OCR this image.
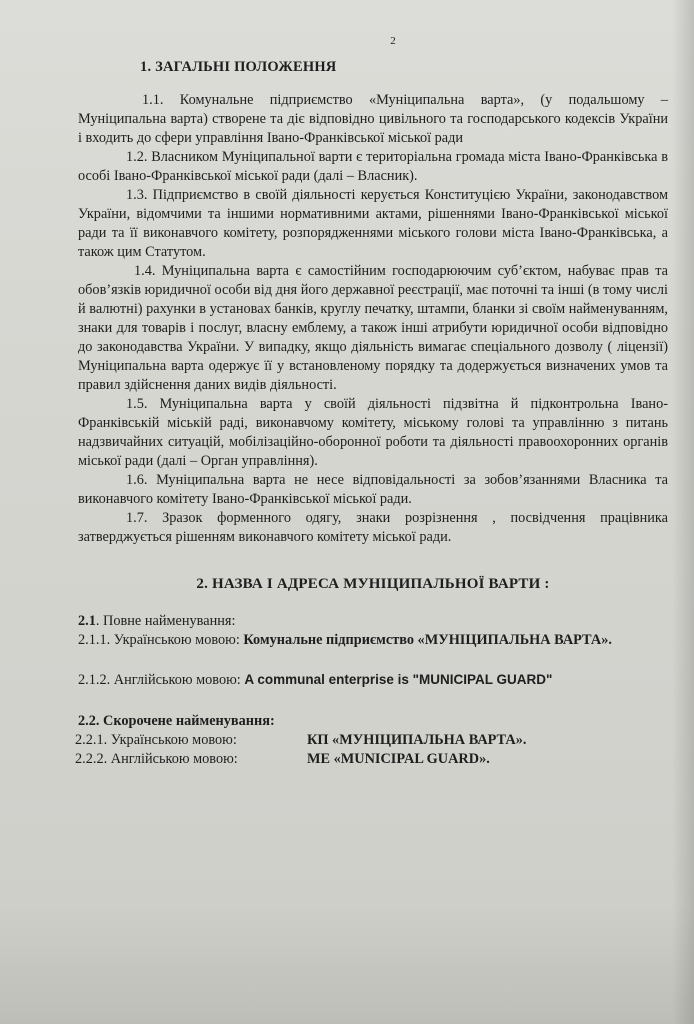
2
1. ЗАГАЛЬНІ ПОЛОЖЕННЯ

1.1. Комунальне підприємство «Муніципальна варта», (у подальшому – Муніципальна варта) створене та діє відповідно цивільного та господарського кодексів України і входить до сфери управління Івано-Франківської міської ради

1.2. Власником Муніципальної варти є територіальна громада міста Івано-Франківська в особі Івано-Франківської міської ради (далі – Власник).

1.3. Підприємство в своїй діяльності керується Конституцією України, законодавством України, відомчими та іншими нормативними актами, рішеннями Івано-Франківської міської ради та її виконавчого комітету, розпорядженнями міського голови міста Івано-Франківська, а також цим Статутом.

1.4. Муніципальна варта є самостійним господарюючим суб’єктом, набуває прав та обов’язків юридичної особи від дня його державної реєстрації, має поточні та інші (в тому числі й валютні) рахунки в установах банків, круглу печатку, штампи, бланки зі своїм найменуванням, знаки для товарів і послуг, власну емблему, а також інші атрибути юридичної особи відповідно до законодавства України. У випадку, якщо діяльність вимагає спеціального дозволу ( ліцензії) Муніципальна варта одержує її у встановленому порядку та додержується визначених умов та правил здійснення даних видів діяльності.

1.5. Муніципальна варта у своїй діяльності підзвітна й підконтрольна Івано-Франківській міській раді, виконавчому комітету, міському голові та управлінню з питань надзвичайних ситуацій, мобілізаційно-оборонної роботи та діяльності правоохоронних органів міської ради (далі – Орган управління).

1.6. Муніципальна варта не несе відповідальності за зобов’язаннями Власника та виконавчого комітету Івано-Франківської міської ради.

1.7. Зразок форменного одягу, знаки розрізнення , посвідчення працівника затверджується рішенням виконавчого комітету міської ради.

2. НАЗВА І АДРЕСА МУНІЦИПАЛЬНОЇ ВАРТИ :
2.1. Повне найменування:
2.1.1. Українською мовою: Комунальне підприємство «МУНІЦИПАЛЬНА ВАРТА».
2.1.2. Англійською мовою: A communal enterprise is "MUNICIPAL GUARD"
2.2. Скорочене найменування:
2.2.1. Українською мовою:	КП «МУНІЦИПАЛЬНА ВАРТА».
2.2.2. Англійською мовою:	ME «MUNICIPAL GUARD».
